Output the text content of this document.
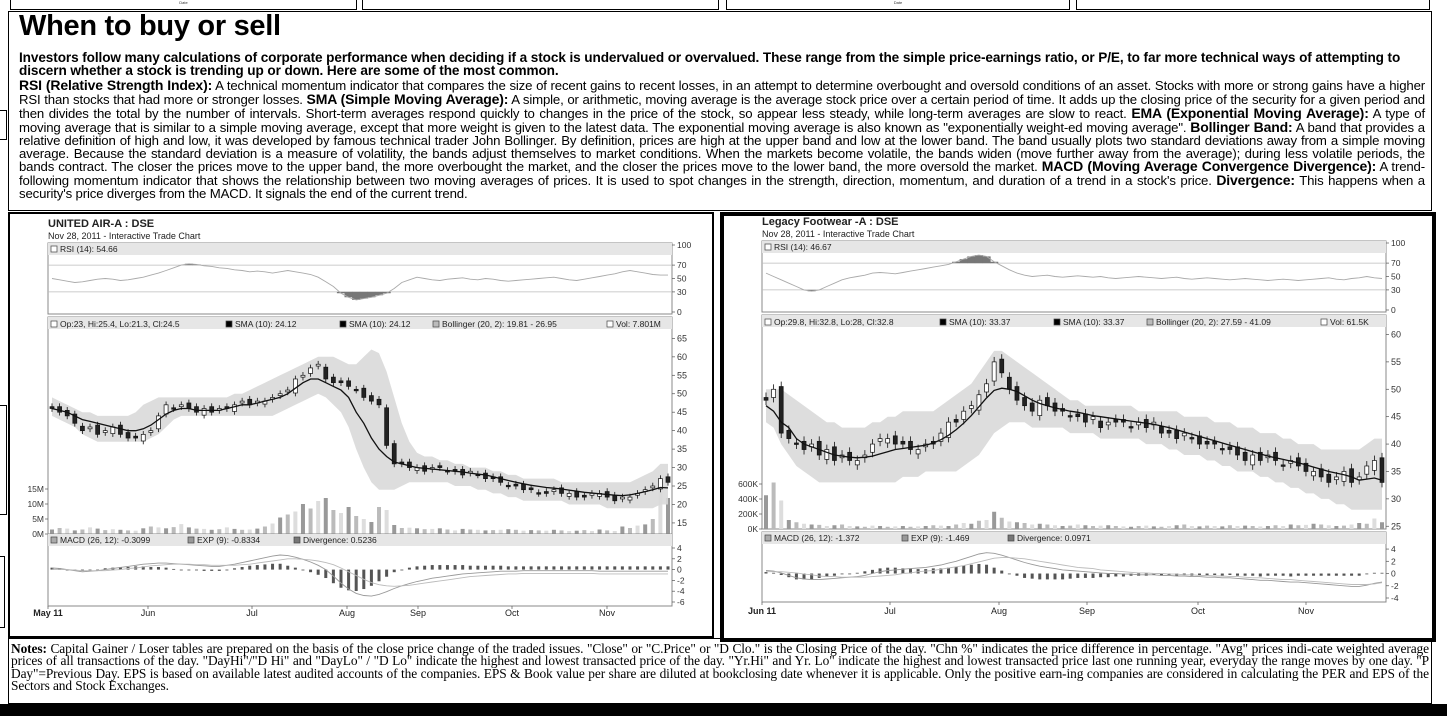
Date	Date
When to buy or sell
Investors follow many calculations of corporate performance when deciding if a stock is undervalued or overvalued. These range from the simple price-earnings ratio, or P/E, to far more technical ways of attempting to discern whether a stock is trending up or down. Here are some of the most common.
RSI (Relative Strength Index): A technical momentum indicator that compares the size of recent gains to recent losses, in an attempt to determine overbought and oversold conditions of an asset. Stocks with more or strong gains have a higher RSI than stocks that had more or stronger losses. SMA (Simple Moving Average): A simple, or arithmetic, moving average is the average stock price over a certain period of time. It adds up the closing price of the security for a given period and then divides the total by the number of intervals. Short-term averages respond quickly to changes in the price of the stock, so appear less steady, while long-term averages are slow to react. EMA (Exponential Moving Average): A type of moving average that is similar to a simple moving average, except that more weight is given to the latest data. The exponential moving average is also known as "exponentially weight-ed moving average". Bollinger Band: A band that provides a relative definition of high and low, it was developed by famous technical trader John Bollinger. By definition, prices are high at the upper band and low at the lower band. The band usually plots two standard deviations away from a simple moving average. Because the standard deviation is a measure of volatility, the bands adjust themselves to market conditions. When the markets become volatile, the bands widen (move further away from the average); during less volatile periods, the bands contract. The closer the prices move to the upper band, the more overbought the market, and the closer the prices move to the lower band, the more oversold the market. MACD (Moving Average Convergence Divergence): A trend-following momentum indicator that shows the relationship between two moving averages of prices. It is used to spot changes in the strength, direction, momentum, and duration of a trend in a stock's price. Divergence: This happens when a security's price diverges from the MACD. It signals the end of the current trend.
UNITED AIR-A : DSE
Nov 28, 2011 - Interactive Trade Chart
RSI (14): 54.66	100
70
50
30
0
Op:23, Hi:25.4, Lo:21.3, Cl:24.5	SMA (10): 24.12	SMA (10): 24.12	Bollinger (20, 2): 19.81 - 26.95	Vol: 7.801M
65
60
55
50
45
40
35
30
25
20
15
15M
10M
5M
0M
MACD (26, 12): -0.3099	EXP (9): -0.8334	Divergence: 0.5236
4
2
0
-2
-4
-6
May 11	Jun	Jul	Aug	Sep	Oct	Nov
Legacy Footwear -A : DSE
Nov 28, 2011 - Interactive Trade Chart
RSI (14): 46.67	100
70
50
30
0
Op:29.8, Hi:32.8, Lo:28, Cl:32.8	SMA (10): 33.37	SMA (10): 33.37	Bollinger (20, 2): 27.59 - 41.09	Vol: 61.5K
60
55
50
45
40
35
30
25
600K
400K
200K
0K
MACD (26, 12): -1.372	EXP (9): -1.469	Divergence: 0.0971
4
2
0
-2
-4
Jun 11	Jul	Aug	Sep	Oct	Nov
Notes: Capital Gainer / Loser tables are prepared on the basis of the close price change of the traded issues. "Close" or "C.Price" or "D Clo." is the Closing Price of the day. "Chn %" indicates the price difference in percentage. "Avg" prices indi-cate weighted average prices of all transactions of the day. "DayHi"/"D Hi" and "DayLo" / "D Lo" indicate the highest and lowest transacted price of the day. "Yr.Hi" and Yr. Lo" indicate the highest and lowest transacted price last one running year, everyday the range moves by one day. "P Day"=Previous Day. EPS is based on available latest audited accounts of the companies. EPS & Book value per share are diluted at bookclosing date whenever it is applicable. Only the positive earn-ing companies are considered in calculating the PER and EPS of the Sectors and Stock Exchanges.
